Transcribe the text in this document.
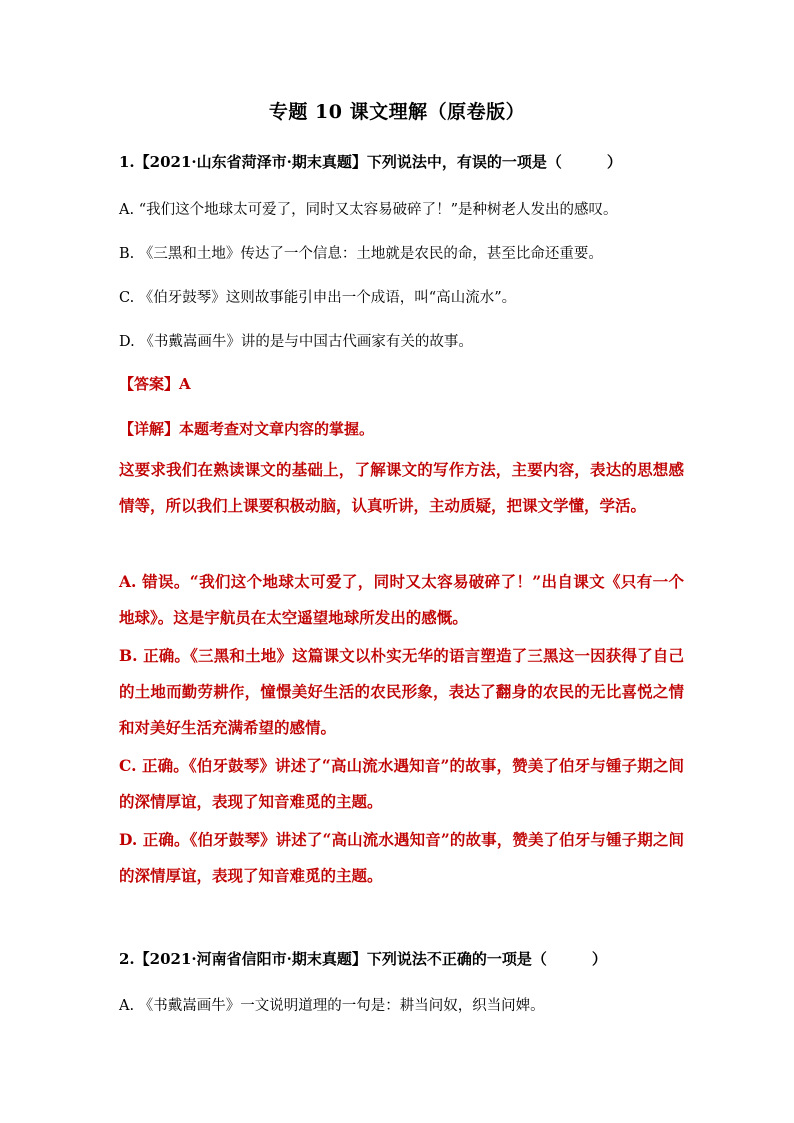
专题 10 课文理解（原卷版）
1.【2021·山东省菏泽市·期末真题】下列说法中，有误的一项是（　　　）
A. “我们这个地球太可爱了，同时又太容易破碎了！”是种树老人发出的感叹。
B. 《三黑和土地》传达了一个信息：土地就是农民的命，甚至比命还重要。
C. 《伯牙鼓琴》这则故事能引申出一个成语，叫“高山流水”。
D. 《书戴嵩画牛》讲的是与中国古代画家有关的故事。
【答案】A
【详解】本题考查对文章内容的掌握。
这要求我们在熟读课文的基础上，了解课文的写作方法，主要内容，表达的思想感情等，所以我们上课要积极动脑，认真听讲，主动质疑，把课文学懂，学活。
A. 错误。“我们这个地球太可爱了，同时又太容易破碎了！”出自课文《只有一个地球》。这是宇航员在太空遥望地球所发出的感慨。
B. 正确。《三黑和土地》这篇课文以朴实无华的语言塑造了三黑这一因获得了自己的土地而勤劳耕作，憧憬美好生活的农民形象，表达了翻身的农民的无比喜悦之情和对美好生活充满希望的感情。
C. 正确。《伯牙鼓琴》讲述了“高山流水遇知音”的故事，赞美了伯牙与锺子期之间的深情厚谊，表现了知音难觅的主题。
D. 正确。《伯牙鼓琴》讲述了“高山流水遇知音”的故事，赞美了伯牙与锺子期之间的深情厚谊，表现了知音难觅的主题。
2.【2021·河南省信阳市·期末真题】下列说法不正确的一项是（　　　）
A. 《书戴嵩画牛》一文说明道理的一句是：耕当问奴，织当问婢。
